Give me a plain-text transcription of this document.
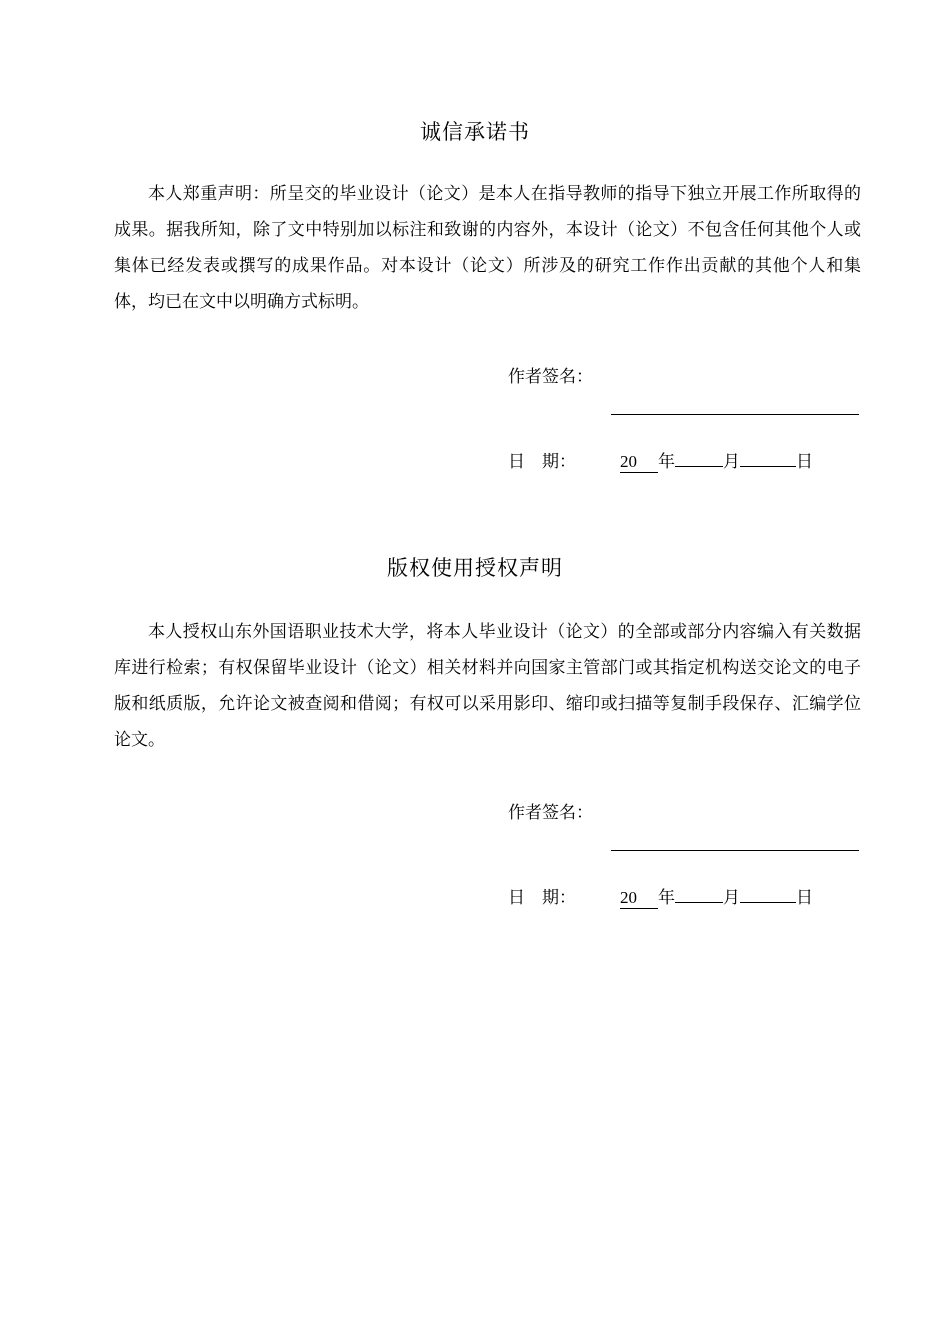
诚信承诺书

本人郑重声明：所呈交的毕业设计（论文）是本人在指导教师的指导下独立开展工作所取得的成果。据我所知，除了文中特别加以标注和致谢的内容外，本设计（论文）不包含任何其他个人或集体已经发表或撰写的成果作品。对本设计（论文）所涉及的研究工作作出贡献的其他个人和集体，均已在文中以明确方式标明。

作者签名：
日　期：	20 年	月	日
版权使用授权声明

本人授权山东外国语职业技术大学，将本人毕业设计（论文）的全部或部分内容编入有关数据库进行检索；有权保留毕业设计（论文）相关材料并向国家主管部门或其指定机构送交论文的电子版和纸质版，允许论文被查阅和借阅；有权可以采用影印、缩印或扫描等复制手段保存、汇编学位论文。

作者签名：
日　期：	20 年	月	日
